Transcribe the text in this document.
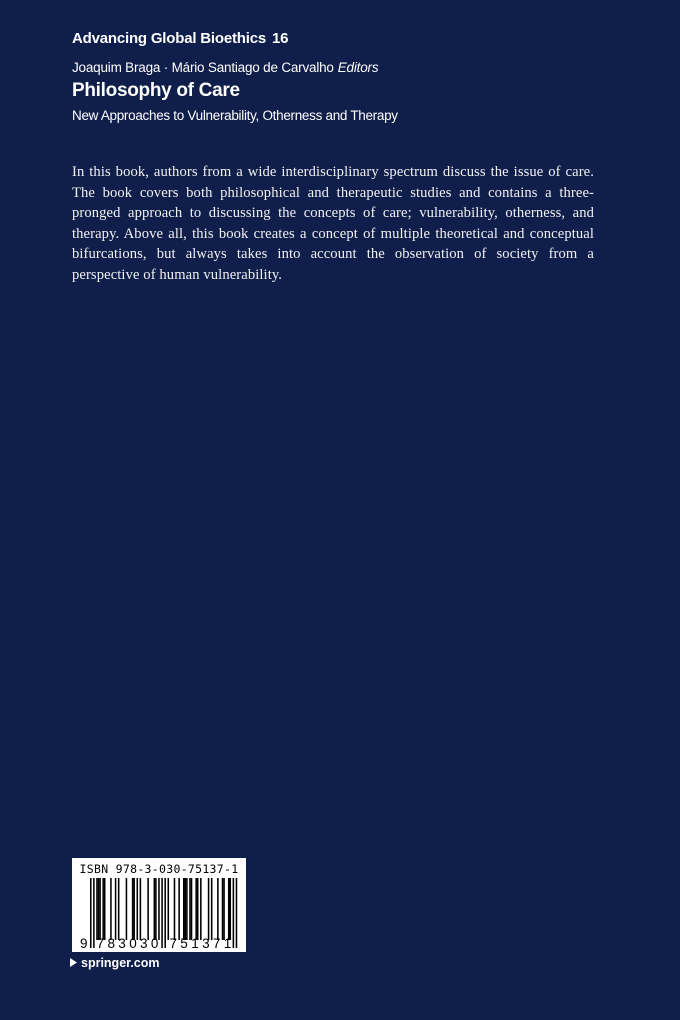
Advancing Global Bioethics 16
Joaquim Braga · Mário Santiago de Carvalho Editors
Philosophy of Care
New Approaches to Vulnerability, Otherness and Therapy
In this book, authors from a wide interdisciplinary spectrum discuss the issue of care. The book covers both philosophical and therapeutic studies and contains a three-pronged approach to discussing the concepts of care; vulnerability, otherness, and therapy. Above all, this book creates a concept of multiple theoretical and conceptual bifurcations, but always takes into account the observation of society from a perspective of human vulnerability.
ISBN 978-3-030-75137-1
9 7 8 3 0 3 0 7 5 1 3 7 1
springer.com
